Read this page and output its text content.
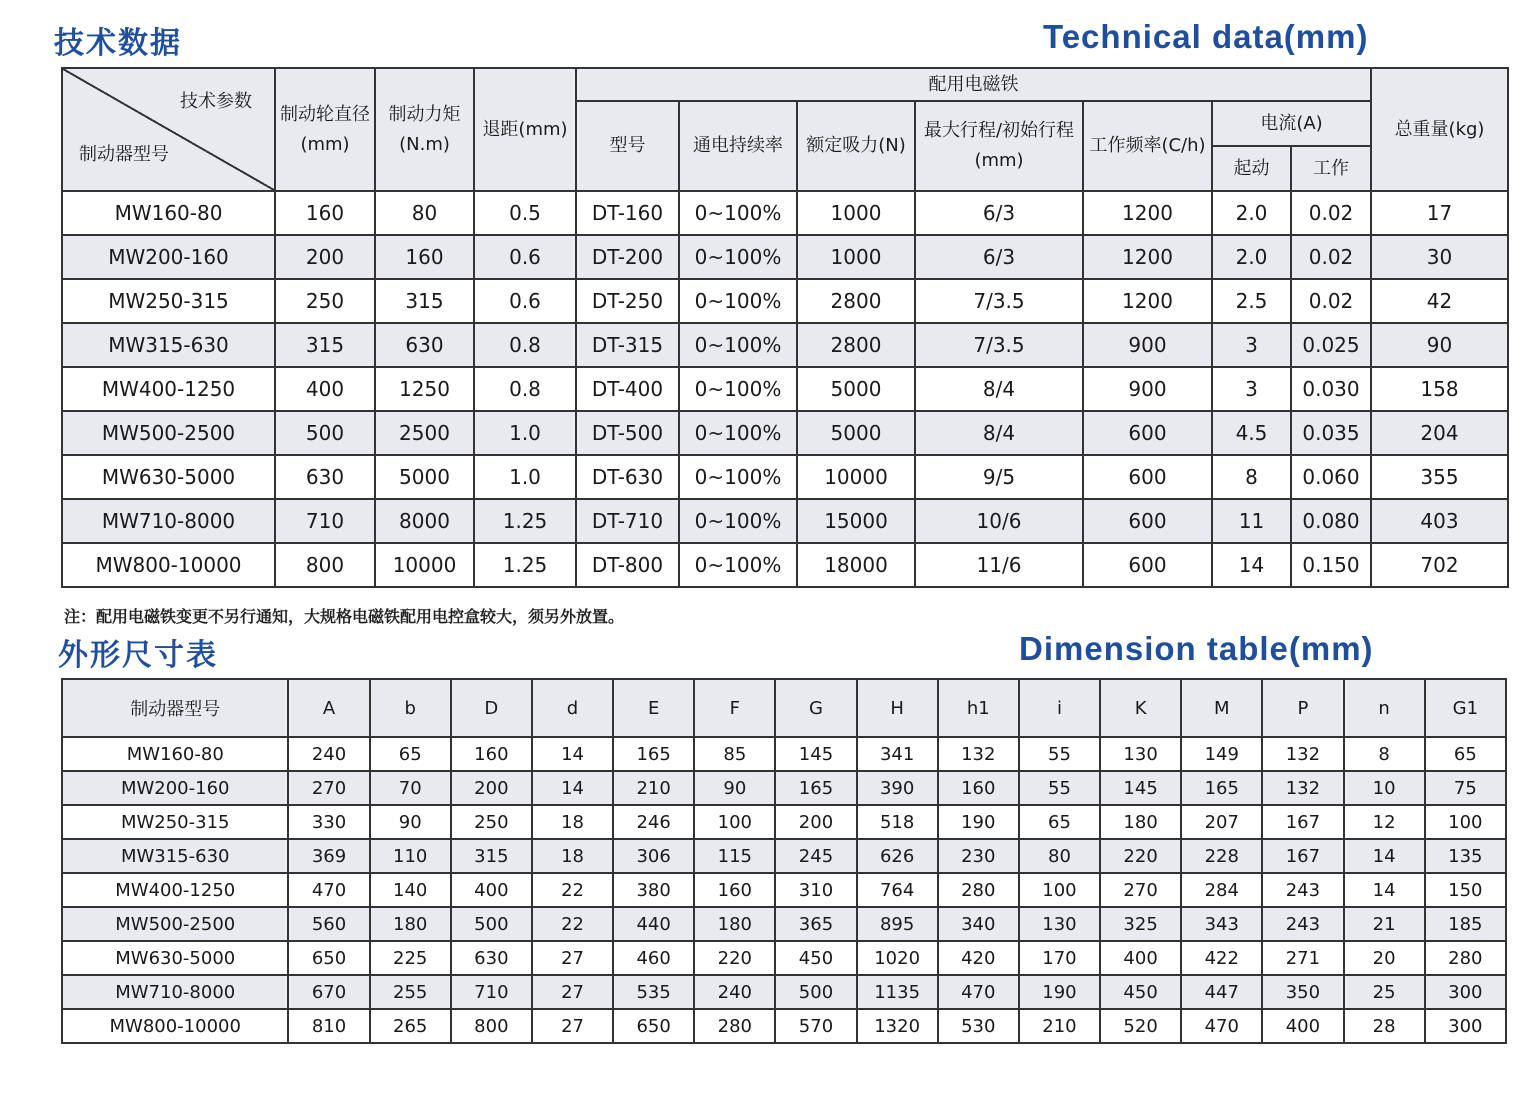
技术数据	Technical data(mm)
技术参数
制动器型号	制动轮直径(mm)	制动力矩(N.m)	退距(mm)	配用电磁铁							总重量(kg)
				型号	通电持续率	额定吸力(N)	最大行程/初始行程(mm)	工作频率(C/h)	电流(A)		
									起动	工作	
MW160-80	160	80	0.5	DT-160	0~100%	1000	6/3	1200	2.0	0.02	17
MW200-160	200	160	0.6	DT-200	0~100%	1000	6/3	1200	2.0	0.02	30
MW250-315	250	315	0.6	DT-250	0~100%	2800	7/3.5	1200	2.5	0.02	42
MW315-630	315	630	0.8	DT-315	0~100%	2800	7/3.5	900	3	0.025	90
MW400-1250	400	1250	0.8	DT-400	0~100%	5000	8/4	900	3	0.030	158
MW500-2500	500	2500	1.0	DT-500	0~100%	5000	8/4	600	4.5	0.035	204
MW630-5000	630	5000	1.0	DT-630	0~100%	10000	9/5	600	8	0.060	355
MW710-8000	710	8000	1.25	DT-710	0~100%	15000	10/6	600	11	0.080	403
MW800-10000	800	10000	1.25	DT-800	0~100%	18000	11/6	600	14	0.150	702
注：配用电磁铁变更不另行通知，大规格电磁铁配用电控盒较大，须另外放置。
外形尺寸表	Dimension table(mm)
制动器型号	A	b	D	d	E	F	G	H	h1	i	K	M	P	n	G1
MW160-80	240	65	160	14	165	85	145	341	132	55	130	149	132	8	65
MW200-160	270	70	200	14	210	90	165	390	160	55	145	165	132	10	75
MW250-315	330	90	250	18	246	100	200	518	190	65	180	207	167	12	100
MW315-630	369	110	315	18	306	115	245	626	230	80	220	228	167	14	135
MW400-1250	470	140	400	22	380	160	310	764	280	100	270	284	243	14	150
MW500-2500	560	180	500	22	440	180	365	895	340	130	325	343	243	21	185
MW630-5000	650	225	630	27	460	220	450	1020	420	170	400	422	271	20	280
MW710-8000	670	255	710	27	535	240	500	1135	470	190	450	447	350	25	300
MW800-10000	810	265	800	27	650	280	570	1320	530	210	520	470	400	28	300
